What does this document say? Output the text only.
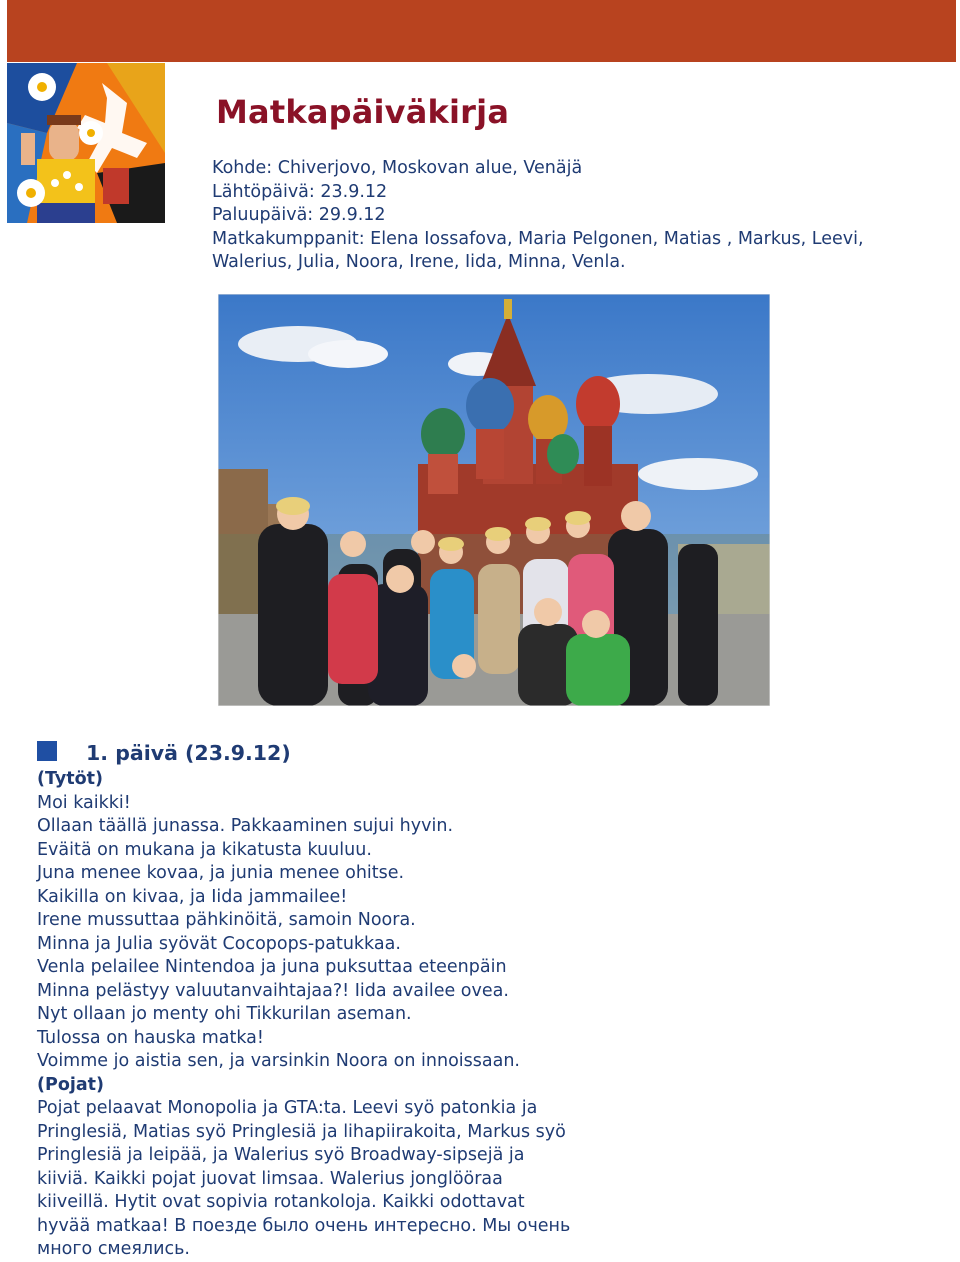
Matkapäiväkirja
Kohde: Chiverjovo, Moskovan alue, Venäjä
Lähtöpäivä: 23.9.12
Paluupäivä: 29.9.12
Matkakumppanit: Elena Iossafova, Maria Pelgonen, Matias , Markus, Leevi,
Walerius, Julia, Noora, Irene, Iida, Minna, Venla.
1. päivä (23.9.12)
(Tytöt)
Moi kaikki!
Ollaan täällä junassa. Pakkaaminen sujui hyvin.
Eväitä on mukana ja kikatusta kuuluu.
Juna menee kovaa, ja junia menee ohitse.
Kaikilla on kivaa, ja Iida jammailee!
Irene mussuttaa pähkinöitä, samoin Noora.
Minna ja Julia syövät Cocopops-patukkaa.
Venla pelailee Nintendoa ja juna puksuttaa eteenpäin
Minna pelästyy valuutanvaihtajaa?! Iida availee ovea.
Nyt ollaan jo menty ohi Tikkurilan aseman.
Tulossa on hauska matka!
Voimme jo aistia sen, ja varsinkin Noora on innoissaan.
(Pojat)
Pojat pelaavat Monopolia ja GTA:ta. Leevi syö patonkia ja
Pringlesiä, Matias syö Pringlesiä ja lihapiirakoita, Markus syö
Pringlesiä ja leipää, ja Walerius syö Broadway-sipsejä ja
kiiviä. Kaikki pojat juovat limsaa. Walerius jonglööraa
kiiveillä. Hytit ovat sopivia rotankoloja. Kaikki odottavat
hyvää matkaa! В поезде было очень интересно. Мы очень
много смеялись.
